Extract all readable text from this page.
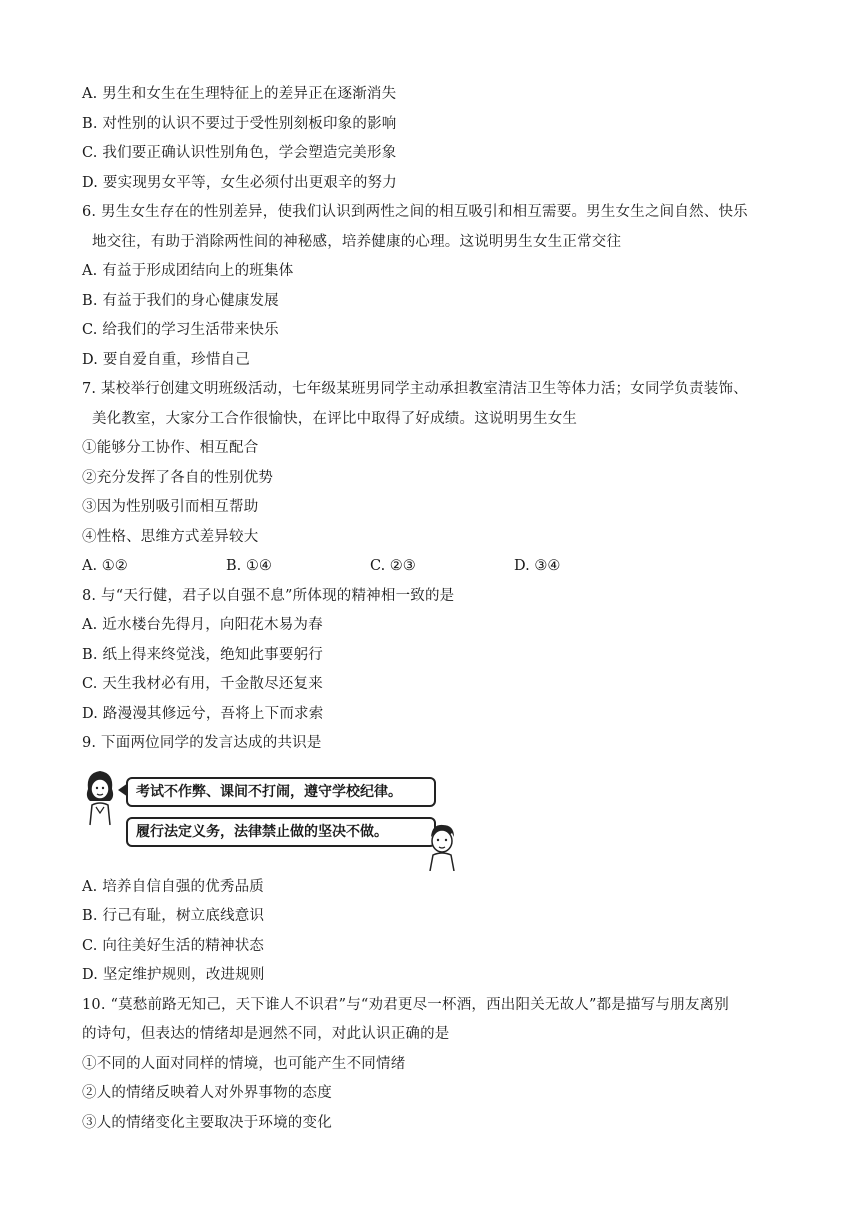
A. 男生和女生在生理特征上的差异正在逐渐消失
B. 对性别的认识不要过于受性别刻板印象的影响
C. 我们要正确认识性别角色，学会塑造完美形象
D. 要实现男女平等，女生必须付出更艰辛的努力
6. 男生女生存在的性别差异，使我们认识到两性之间的相互吸引和相互需要。男生女生之间自然、快乐
地交往，有助于消除两性间的神秘感，培养健康的心理。这说明男生女生正常交往
A. 有益于形成团结向上的班集体
B. 有益于我们的身心健康发展
C. 给我们的学习生活带来快乐
D. 要自爱自重，珍惜自己
7. 某校举行创建文明班级活动，七年级某班男同学主动承担教室清洁卫生等体力活；女同学负责装饰、
美化教室，大家分工合作很愉快，在评比中取得了好成绩。这说明男生女生
①能够分工协作、相互配合
②充分发挥了各自的性别优势
③因为性别吸引而相互帮助
④性格、思维方式差异较大
A. ①②	B. ①④	C. ②③	D. ③④
8. 与“天行健，君子以自强不息”所体现的精神相一致的是
A. 近水楼台先得月，向阳花木易为春
B. 纸上得来终觉浅，绝知此事要躬行
C. 天生我材必有用，千金散尽还复来
D. 路漫漫其修远兮，吾将上下而求索
9. 下面两位同学的发言达成的共识是
考试不作弊、课间不打闹，遵守学校纪律。
履行法定义务，法律禁止做的坚决不做。
A. 培养自信自强的优秀品质
B. 行己有耻，树立底线意识
C. 向往美好生活的精神状态
D. 坚定维护规则，改进规则
10. “莫愁前路无知己，天下谁人不识君”与“劝君更尽一杯酒，西出阳关无故人”都是描写与朋友离别
的诗句，但表达的情绪却是迥然不同，对此认识正确的是
①不同的人面对同样的情境，也可能产生不同情绪
②人的情绪反映着人对外界事物的态度
③人的情绪变化主要取决于环境的变化
